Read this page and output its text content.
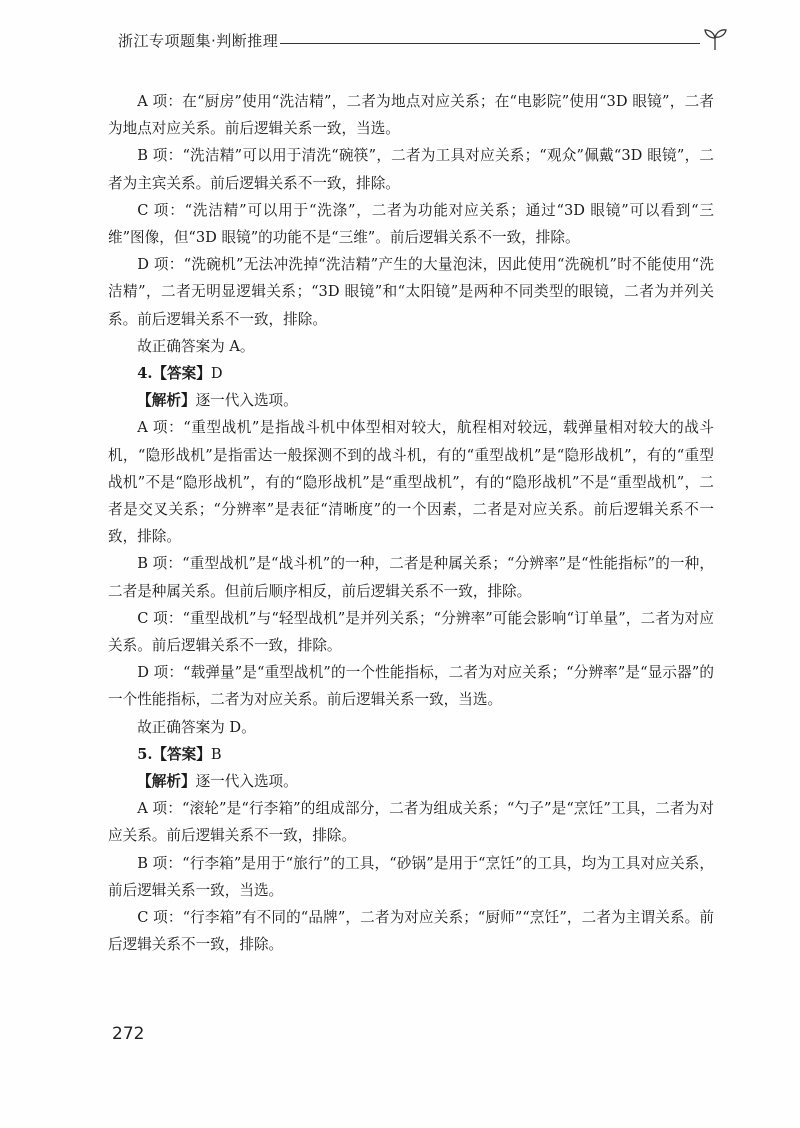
浙江专项题集·判断推理

A 项：在“厨房”使用“洗洁精”，二者为地点对应关系；在“电影院”使用“3D 眼镜”，二者为地点对应关系。前后逻辑关系一致，当选。

B 项：“洗洁精”可以用于清洗“碗筷”，二者为工具对应关系；“观众”佩戴“3D 眼镜”，二者为主宾关系。前后逻辑关系不一致，排除。

C 项：“洗洁精”可以用于“洗涤”，二者为功能对应关系；通过“3D 眼镜”可以看到“三维”图像，但“3D 眼镜”的功能不是“三维”。前后逻辑关系不一致，排除。

D 项：“洗碗机”无法冲洗掉“洗洁精”产生的大量泡沫，因此使用“洗碗机”时不能使用“洗洁精”，二者无明显逻辑关系；“3D 眼镜”和“太阳镜”是两种不同类型的眼镜，二者为并列关系。前后逻辑关系不一致，排除。

故正确答案为 A。

4.【答案】D

【解析】逐一代入选项。

A 项：“重型战机”是指战斗机中体型相对较大，航程相对较远，载弹量相对较大的战斗机，“隐形战机”是指雷达一般探测不到的战斗机，有的“重型战机”是“隐形战机”，有的“重型战机”不是“隐形战机”，有的“隐形战机”是“重型战机”，有的“隐形战机”不是“重型战机”，二者是交叉关系；“分辨率”是表征“清晰度”的一个因素，二者是对应关系。前后逻辑关系不一致，排除。

B 项：“重型战机”是“战斗机”的一种，二者是种属关系；“分辨率”是“性能指标”的一种，二者是种属关系。但前后顺序相反，前后逻辑关系不一致，排除。

C 项：“重型战机”与“轻型战机”是并列关系；“分辨率”可能会影响“订单量”，二者为对应关系。前后逻辑关系不一致，排除。

D 项：“载弹量”是“重型战机”的一个性能指标，二者为对应关系；“分辨率”是“显示器”的一个性能指标，二者为对应关系。前后逻辑关系一致，当选。

故正确答案为 D。

5.【答案】B

【解析】逐一代入选项。

A 项：“滚轮”是“行李箱”的组成部分，二者为组成关系；“勺子”是“烹饪”工具，二者为对应关系。前后逻辑关系不一致，排除。

B 项：“行李箱”是用于“旅行”的工具，“砂锅”是用于“烹饪”的工具，均为工具对应关系，前后逻辑关系一致，当选。

C 项：“行李箱”有不同的“品牌”，二者为对应关系；“厨师”“烹饪”，二者为主谓关系。前后逻辑关系不一致，排除。

272
